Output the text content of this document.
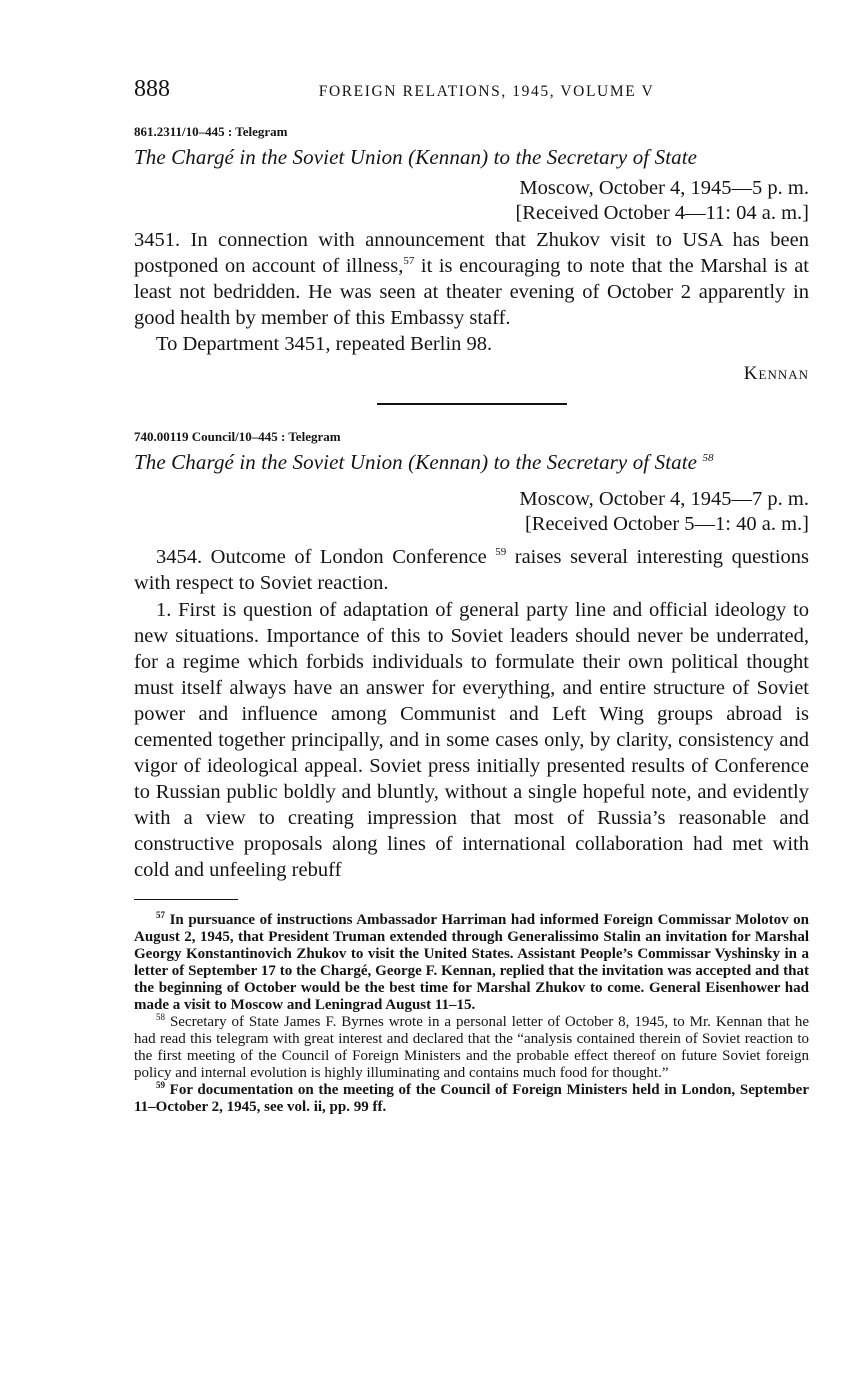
888	FOREIGN RELATIONS, 1945, VOLUME V
861.2311/10–445 : Telegram
The Chargé in the Soviet Union (Kennan) to the Secretary of State
Moscow, October 4, 1945—5 p. m.
[Received October 4—11: 04 a. m.]

3451. In connection with announcement that Zhukov visit to USA has been postponed on account of illness,$^{57}$ it is encouraging to note that the Marshal is at least not bedridden. He was seen at theater evening of October 2 apparently in good health by member of this Embassy staff.

To Department 3451, repeated Berlin 98.

Kennan
740.00119 Council/10–445 : Telegram
The Chargé in the Soviet Union (Kennan) to the Secretary of State $^{58}$
Moscow, October 4, 1945—7 p. m.
[Received October 5—1: 40 a. m.]

3454. Outcome of London Conference $^{59}$ raises several interesting questions with respect to Soviet reaction.

1. First is question of adaptation of general party line and official ideology to new situations. Importance of this to Soviet leaders should never be underrated, for a regime which forbids individuals to formulate their own political thought must itself always have an answer for everything, and entire structure of Soviet power and influence among Communist and Left Wing groups abroad is cemented together principally, and in some cases only, by clarity, consistency and vigor of ideological appeal. Soviet press initially presented results of Conference to Russian public boldly and bluntly, without a single hopeful note, and evidently with a view to creating impression that most of Russia’s reasonable and constructive proposals along lines of international collaboration had met with cold and unfeeling rebuff

$^{57}$ In pursuance of instructions Ambassador Harriman had informed Foreign Commissar Molotov on August 2, 1945, that President Truman extended through Generalissimo Stalin an invitation for Marshal Georgy Konstantinovich Zhukov to visit the United States. Assistant People’s Commissar Vyshinsky in a letter of September 17 to the Chargé, George F. Kennan, replied that the invitation was accepted and that the beginning of October would be the best time for Marshal Zhukov to come. General Eisenhower had made a visit to Moscow and Leningrad August 11–15.

$^{58}$ Secretary of State James F. Byrnes wrote in a personal letter of October 8, 1945, to Mr. Kennan that he had read this telegram with great interest and declared that the “analysis contained therein of Soviet reaction to the first meeting of the Council of Foreign Ministers and the probable effect thereof on future Soviet foreign policy and internal evolution is highly illuminating and contains much food for thought.”

$^{59}$ For documentation on the meeting of the Council of Foreign Ministers held in London, September 11–October 2, 1945, see vol. ii, pp. 99 ff.
